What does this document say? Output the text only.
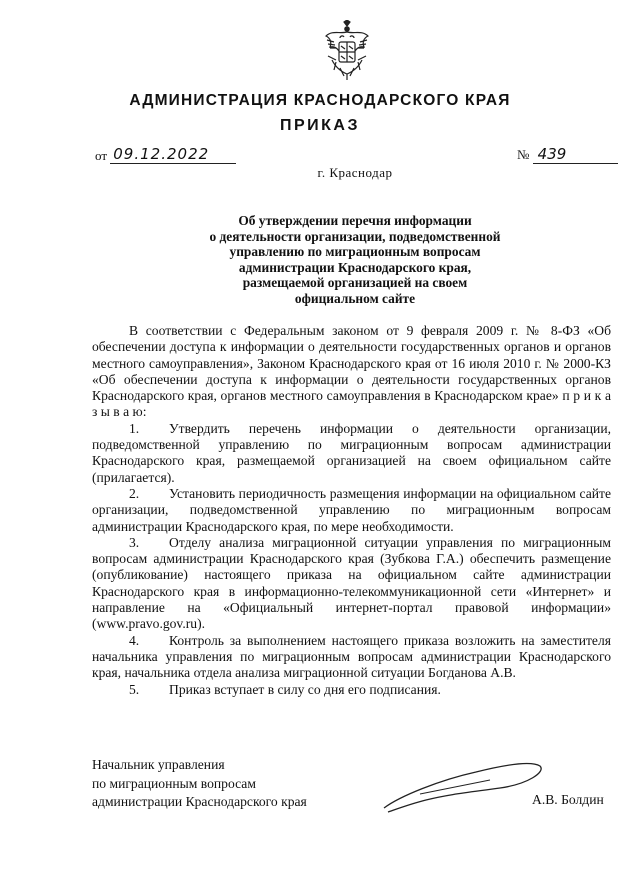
АДМИНИСТРАЦИЯ КРАСНОДАРСКОГО КРАЯ
ПРИКАЗ
от 09.12.2022	№ 439
г. Краснодар
Об утверждении перечня информации
о деятельности организации, подведомственной
управлению по миграционным вопросам
администрации Краснодарского края,
размещаемой организацией на своем
официальном сайте

В соответствии с Федеральным законом от 9 февраля 2009 г. № 8-ФЗ «Об обеспечении доступа к информации о деятельности государственных органов и органов местного самоуправления», Законом Краснодарского края от 16 июля 2010 г. № 2000-КЗ «Об обеспечении доступа к информации о деятельности государственных органов Краснодарского края, органов местного самоуправления в Краснодарском крае» п р и к а з ы в а ю:

1. Утвердить перечень информации о деятельности организации, подведомственной управлению по миграционным вопросам администрации Краснодарского края, размещаемой организацией на своем официальном сайте (прилагается).

2. Установить периодичность размещения информации на официальном сайте организации, подведомственной управлению по миграционным вопросам администрации Краснодарского края, по мере необходимости.

3. Отделу анализа миграционной ситуации управления по миграционным вопросам администрации Краснодарского края (Зубкова Г.А.) обеспечить размещение (опубликование) настоящего приказа на официальном сайте администрации Краснодарского края в информационно-телекоммуникационной сети «Интернет» и направление на «Официальный интернет-портал правовой информации» (www.pravo.gov.ru).

4. Контроль за выполнением настоящего приказа возложить на заместителя начальника управления по миграционным вопросам администрации Краснодарского края, начальника отдела анализа миграционной ситуации Богданова А.В.

5. Приказ вступает в силу со дня его подписания.

Начальник управления
по миграционным вопросам
администрации Краснодарского края	А.В. Болдин
